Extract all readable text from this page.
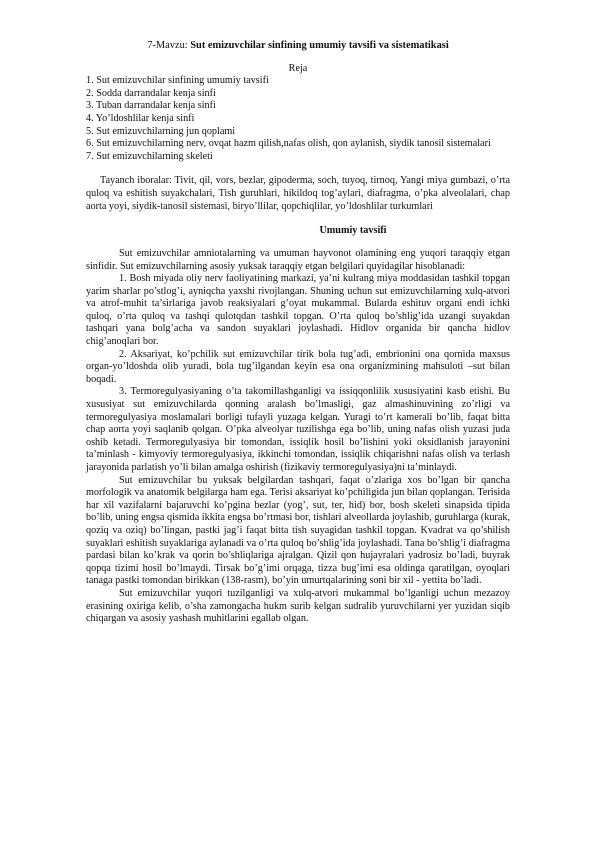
7-Mavzu: Sut emizuvchilar sinfining umumiy tavsifi va sistematikasi

Reja

1. Sut emizuvchilar sinfining umumiy tavsifi
2. Sodda darrandalar kenja sinfi
3. Tuban darrandalar kenja sinfi
4. Yo’ldoshlilar kenja sinfi
5. Sut emizuvchilarning jun qoplami
6. Sut emizuvchilarning nerv, ovqat hazm qilish,nafas olish, qon aylanish, siydik tanosil sistemalari
7. Sut emizuvchilarning skeleti

Tayanch iboralar: Tivit, qil, vors, bezlar, gipoderma, soch, tuyoq, tirnoq, Yangi miya gumbazi, o’rta quloq va eshitish suyakchalari, Tish guruhlari, hikildoq tog’aylari, diafragma, o’pka alveolalari, chap aorta yoyi, siydik-tanosil sistemasi, biryo’llilar, qopchiqlilar, yo’ldoshlilar turkumlari

Umumiy tavsifi

Sut emizuvchilar amniotalarning va umuman hayvonot olamining eng yuqori taraqqiy etgan sinfidir. Sut emizuvchilarning asosiy yuksak taraqqiy etgan belgilari quyidagilar hisoblanadi:

1. Bosh miyada oliy nerv faoliyatining markazi, ya’ni kulrang miya moddasidan tashkil topgan yarim sharlar po’stlog’i, ayniqcha yaxshi rivojlangan. Shuning uchun sut emizuvchilarning xulq-atvori va atrof-muhit ta’sirlariga javob reaksiyalari g’oyat mukammal. Bularda eshituv organi endi ichki quloq, o’rta quloq va tashqi qulotqdan tashkil topgan. O’rta quloq bo’shlig’ida uzangi suyakdan tashqari yana bolg’acha va sandon suyaklari joylashadi. Hidlov organida bir qancha hidlov chig’anoqlari bor.

2. Aksariyat, ko’pchilik sut emizuvchilar tirik bola tug’adi, embrionini ona qornida maxsus organ-yo’ldoshda olib yuradi, bola tug’ilgandan keyin esa ona organizmining mahsuloti –sut bilan boqadi.

3. Termoregulyasiyaning o’ta takomillashganligi va issiqqonlilik xususiyatini kasb etishi. Bu xususiyat sut emizuvchilarda qonning aralash bo’lmasligi, gaz almashinuvining zo’rligi va termoregulyasiya moslamalari borligi tufayli yuzaga kelgan. Yuragi to’rt kamerali bo’lib, faqat bitta chap aorta yoyi saqlanib qolgan. O’pka alveolyar tuzilishga ega bo’lib, uning nafas olish yuzasi juda oshib ketadi. Termoregulyasiya bir tomondan, issiqlik hosil bo’lishini yoki oksidlanish jarayonini ta’minlash - kimyoviy termoregulyasiya, ikkinchi tomondan, issiqlik chiqarishni nafas olish va terlash jarayonida parlatish yo’li bilan amalga oshirish (fizikaviy termoregulyasiya)ni ta’minlaydi.

Sut emizuvchilar bu yuksak belgilardan tashqari, faqat o’zlariga xos bo’lgan bir qancha morfologik va anatomik belgilarga ham ega. Terisi aksariyat ko’pchiligida jun bilan qoplangan. Terisida har xil vazifalarni bajaruvchi ko’pgina bezlar (yog’, sut, ter, hid) bor, bosh skeleti sinapsida tipida bo’lib, uning engsa qismida ikkita engsa bo’rtmasi bor, tishlari alveollarda joylashib, guruhlarga (kurak, qoziq va oziq) bo’lingan, pastki jag’i faqat bitta tish suyagidan tashkil topgan. Kvadrat va qo’shilish suyaklari eshitish suyaklariga aylanadi va o’rta quloq bo’shlig’ida joylashadi. Tana bo’shlig’i diafragma pardasi bilan ko’krak va qorin bo’shliqlariga ajralgan. Qizil qon hujayralari yadrosiz bo’ladi, buyrak qopqa tizimi hosil bo’lmaydi. Tirsak bo’g’imi orqaga, tizza bug’imi esa oldinga qaratilgan, oyoqlari tanaga pastki tomondan birikkan (138-rasm), bo’yin umurtqalarining soni bir xil - yettita bo’ladi.

Sut emizuvchilar yuqori tuzilganligi va xulq-atvori mukammal bo’lganligi uchun mezazoy erasining oxiriga kelib, o’sha zamongacha hukm surib kelgan sudralib yuruvchilarni yer yuzidan siqib chiqargan va asosiy yashash muhitlarini egallab olgan.
